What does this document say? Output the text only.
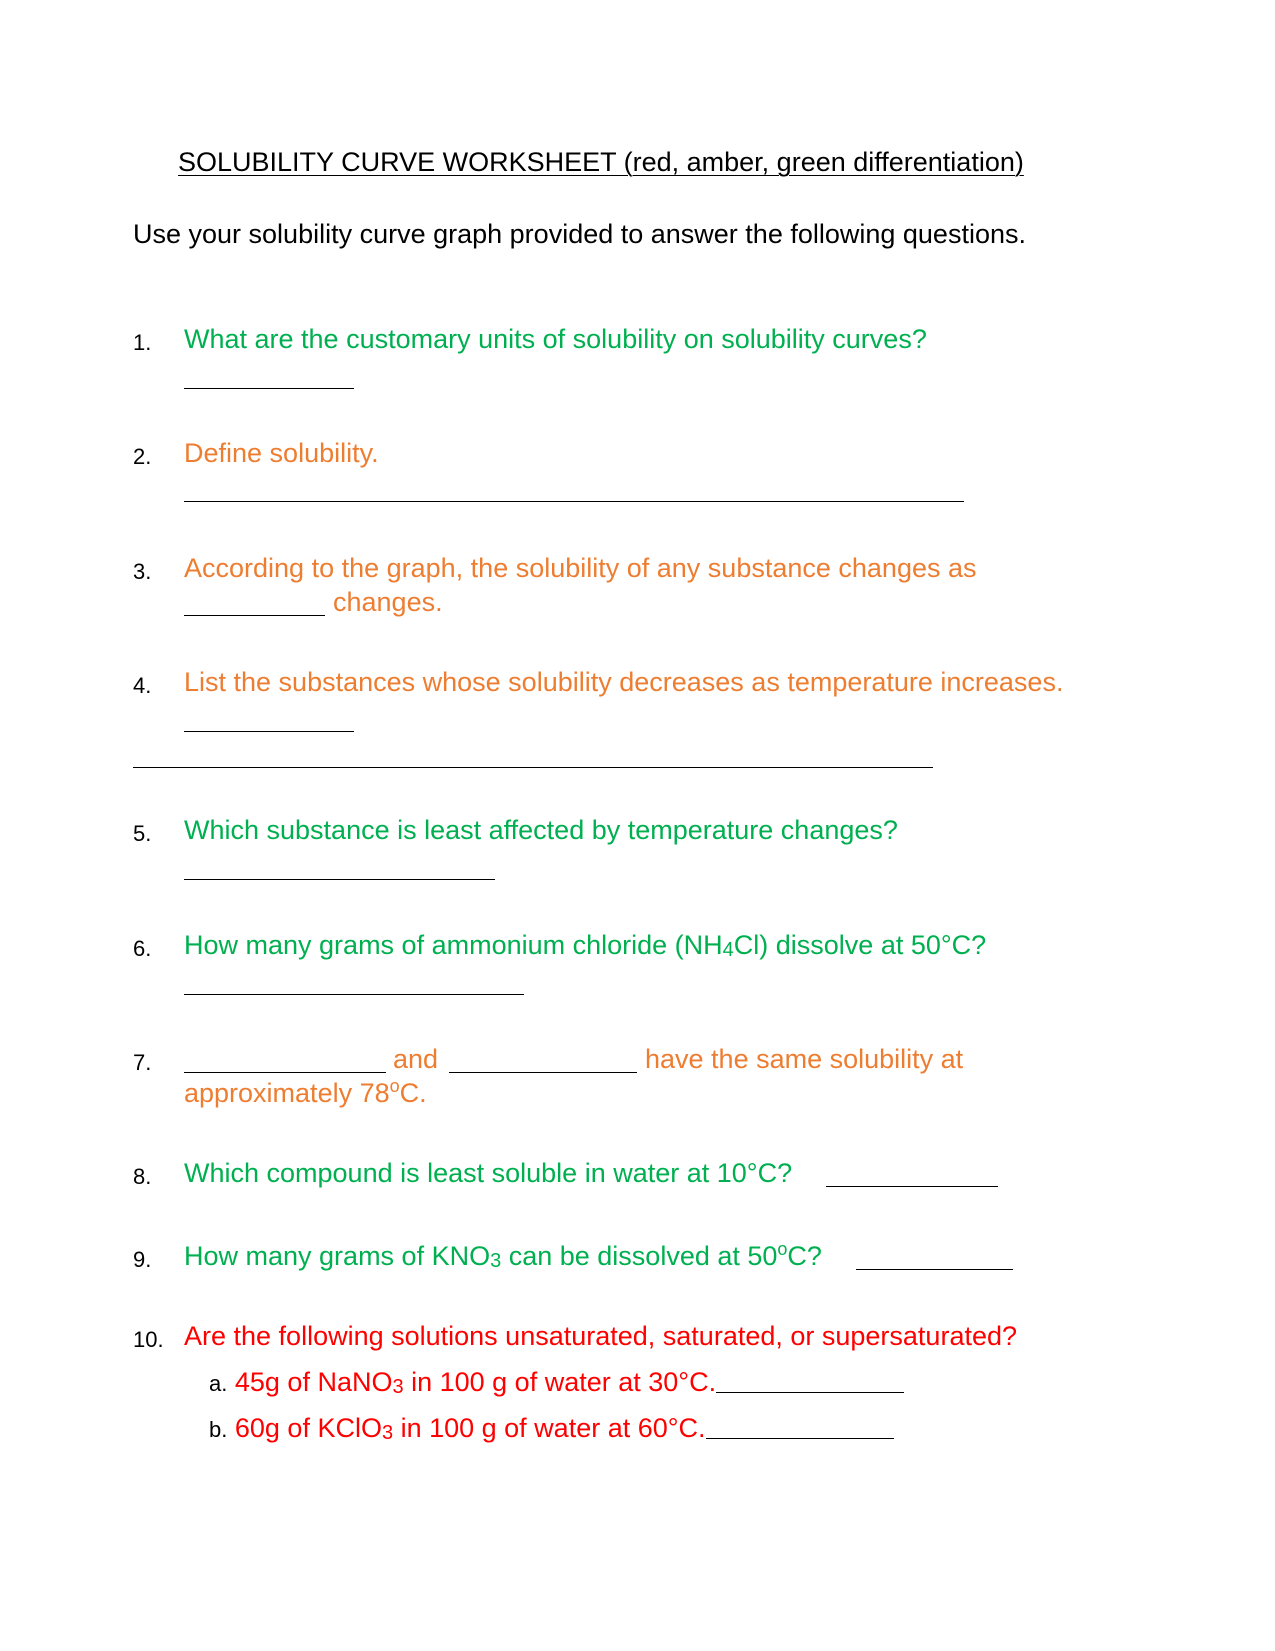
SOLUBILITY CURVE WORKSHEET (red, amber, green differentiation)
Use your solubility curve graph provided to answer the following questions.
1. What are the customary units of solubility on solubility curves?
2. Define solubility.
3. According to the graph, the solubility of any substance changes as
changes.
4. List the substances whose solubility decreases as temperature increases.
5. Which substance is least affected by temperature changes?
6. How many grams of ammonium chloride (NH4Cl) dissolve at 50°C?
7.	and	have the same solubility at
approximately 78$^o$C.
8. Which compound is least soluble in water at 10°C?
9. How many grams of KNO3 can be dissolved at 50$^o$C?
10. Are the following solutions unsaturated, saturated, or supersaturated?
a. 45g of NaNO3 in 100 g of water at 30°C.
b. 60g of KClO3 in 100 g of water at 60°C.
